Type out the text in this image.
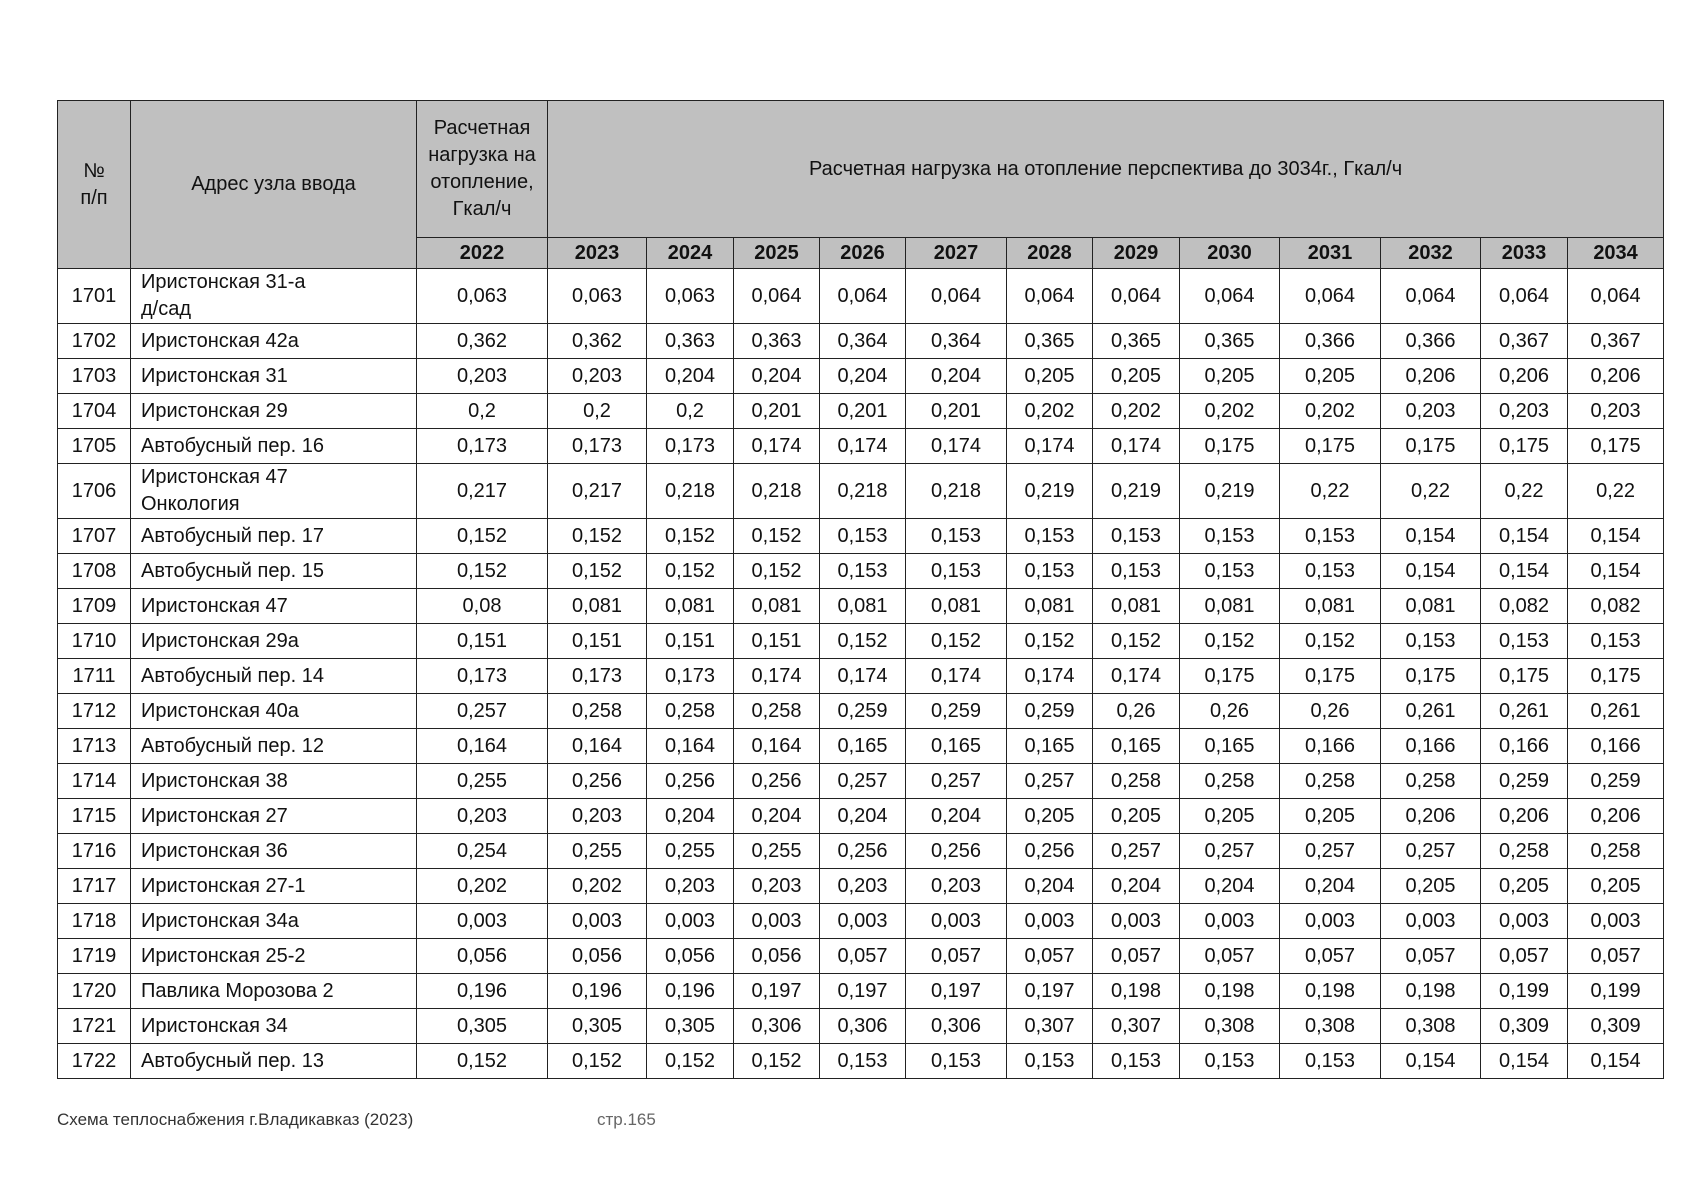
№
п/п	Адрес узла ввода	Расчетная нагрузка на отопление, Гкал/ч	Расчетная нагрузка на отопление перспектива до 3034г., Гкал/ч											
		2022	2023	2024	2025	2026	2027	2028	2029	2030	2031	2032	2033	2034
1701	Иристонская 31-а
д/сад	0,063	0,063	0,063	0,064	0,064	0,064	0,064	0,064	0,064	0,064	0,064	0,064	0,064
1702	Иристонская 42а	0,362	0,362	0,363	0,363	0,364	0,364	0,365	0,365	0,365	0,366	0,366	0,367	0,367
1703	Иристонская 31	0,203	0,203	0,204	0,204	0,204	0,204	0,205	0,205	0,205	0,205	0,206	0,206	0,206
1704	Иристонская 29	0,2	0,2	0,2	0,201	0,201	0,201	0,202	0,202	0,202	0,202	0,203	0,203	0,203
1705	Автобусный пер. 16	0,173	0,173	0,173	0,174	0,174	0,174	0,174	0,174	0,175	0,175	0,175	0,175	0,175
1706	Иристонская 47
Онкология	0,217	0,217	0,218	0,218	0,218	0,218	0,219	0,219	0,219	0,22	0,22	0,22	0,22
1707	Автобусный пер. 17	0,152	0,152	0,152	0,152	0,153	0,153	0,153	0,153	0,153	0,153	0,154	0,154	0,154
1708	Автобусный пер. 15	0,152	0,152	0,152	0,152	0,153	0,153	0,153	0,153	0,153	0,153	0,154	0,154	0,154
1709	Иристонская 47	0,08	0,081	0,081	0,081	0,081	0,081	0,081	0,081	0,081	0,081	0,081	0,082	0,082
1710	Иристонская 29а	0,151	0,151	0,151	0,151	0,152	0,152	0,152	0,152	0,152	0,152	0,153	0,153	0,153
1711	Автобусный пер. 14	0,173	0,173	0,173	0,174	0,174	0,174	0,174	0,174	0,175	0,175	0,175	0,175	0,175
1712	Иристонская 40а	0,257	0,258	0,258	0,258	0,259	0,259	0,259	0,26	0,26	0,26	0,261	0,261	0,261
1713	Автобусный пер. 12	0,164	0,164	0,164	0,164	0,165	0,165	0,165	0,165	0,165	0,166	0,166	0,166	0,166
1714	Иристонская 38	0,255	0,256	0,256	0,256	0,257	0,257	0,257	0,258	0,258	0,258	0,258	0,259	0,259
1715	Иристонская 27	0,203	0,203	0,204	0,204	0,204	0,204	0,205	0,205	0,205	0,205	0,206	0,206	0,206
1716	Иристонская 36	0,254	0,255	0,255	0,255	0,256	0,256	0,256	0,257	0,257	0,257	0,257	0,258	0,258
1717	Иристонская 27-1	0,202	0,202	0,203	0,203	0,203	0,203	0,204	0,204	0,204	0,204	0,205	0,205	0,205
1718	Иристонская 34а	0,003	0,003	0,003	0,003	0,003	0,003	0,003	0,003	0,003	0,003	0,003	0,003	0,003
1719	Иристонская 25-2	0,056	0,056	0,056	0,056	0,057	0,057	0,057	0,057	0,057	0,057	0,057	0,057	0,057
1720	Павлика Морозова 2	0,196	0,196	0,196	0,197	0,197	0,197	0,197	0,198	0,198	0,198	0,198	0,199	0,199
1721	Иристонская 34	0,305	0,305	0,305	0,306	0,306	0,306	0,307	0,307	0,308	0,308	0,308	0,309	0,309
1722	Автобусный пер. 13	0,152	0,152	0,152	0,152	0,153	0,153	0,153	0,153	0,153	0,153	0,154	0,154	0,154
Схема теплоснабжения г.Владикавказ (2023)	стр.165
